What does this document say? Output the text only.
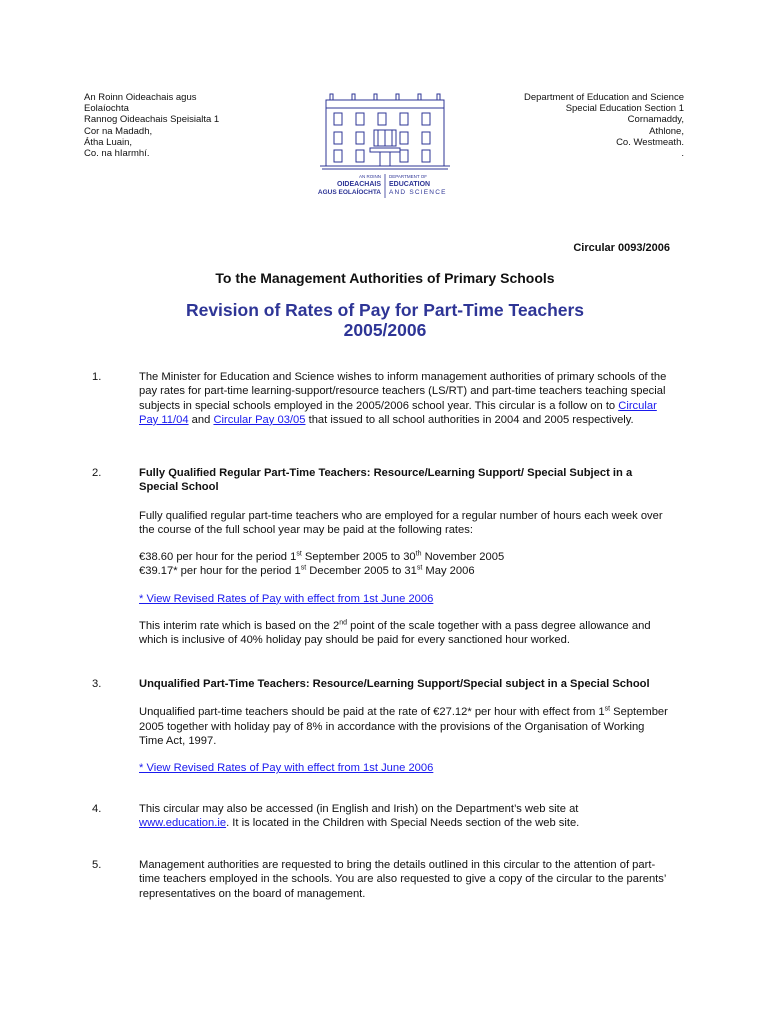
An Roinn Oideachais agus
Eolaíochta
Rannog Oideachais Speisialta 1
Cor na Madadh,
Átha Luain,
Co. na hIarmhí.
AN ROINN
OIDEACHAIS
AGUS EOLAÍOCHTA
DEPARTMENT OF
EDUCATION
AND SCIENCE
Department of Education and Science
Special Education Section 1
Cornamaddy,
Athlone,
Co. Westmeath.
.
Circular 0093/2006
To the Management Authorities of Primary Schools
Revision of Rates of Pay for Part-Time Teachers
2005/2006
1.	The Minister for Education and Science wishes to inform management authorities of primary schools of the pay rates for part-time learning-support/resource teachers (LS/RT) and part-time teachers teaching special subjects in special schools employed in the 2005/2006 school year. This circular is a follow on to Circular Pay 11/04 and Circular Pay 03/05 that issued to all school authorities in 2004 and 2005 respectively.

2.	Fully Qualified Regular Part-Time Teachers: Resource/Learning Support/ Special Subject in a Special School

Fully qualified regular part-time teachers who are employed for a regular number of hours each week over the course of the full school year may be paid at the following rates:

€38.60 per hour for the period 1st September 2005 to 30th November 2005
€39.17* per hour for the period 1st December 2005 to 31st May 2006

* View Revised Rates of Pay with effect from 1st June 2006

This interim rate which is based on the 2nd point of the scale together with a pass degree allowance and which is inclusive of 40% holiday pay should be paid for every sanctioned hour worked.

3.	Unqualified Part-Time Teachers: Resource/Learning Support/Special subject in a Special School

Unqualified part-time teachers should be paid at the rate of €27.12* per hour with effect from 1st September 2005 together with holiday pay of 8% in accordance with the provisions of the Organisation of Working Time Act, 1997.

* View Revised Rates of Pay with effect from 1st June 2006

4.	This circular may also be accessed (in English and Irish) on the Department’s web site at www.education.ie. It is located in the Children with Special Needs section of the web site.

5.	Management authorities are requested to bring the details outlined in this circular to the attention of part-time teachers employed in the schools. You are also requested to give a copy of the circular to the parents’ representatives on the board of management.
